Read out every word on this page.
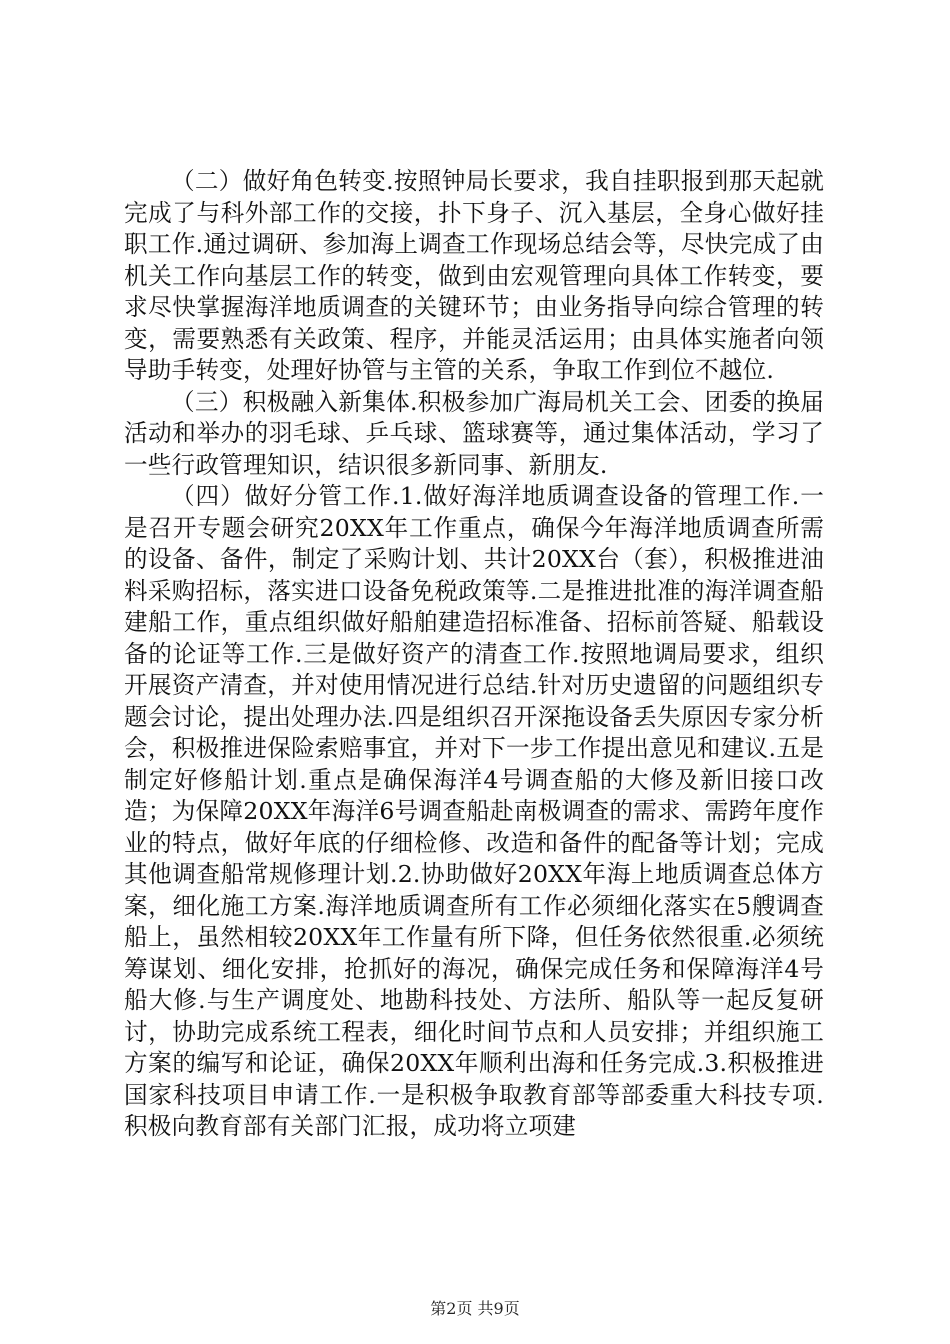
（二）做好角色转变.按照钟局长要求，我自挂职报到那天起就完成了与科外部工作的交接，扑下身子、沉入基层，全身心做好挂职工作.通过调研、参加海上调查工作现场总结会等，尽快完成了由机关工作向基层工作的转变，做到由宏观管理向具体工作转变，要求尽快掌握海洋地质调查的关键环节；由业务指导向综合管理的转变，需要熟悉有关政策、程序，并能灵活运用；由具体实施者向领导助手转变，处理好协管与主管的关系，争取工作到位不越位.

（三）积极融入新集体.积极参加广海局机关工会、团委的换届活动和举办的羽毛球、乒乓球、篮球赛等，通过集体活动，学习了一些行政管理知识，结识很多新同事、新朋友.

（四）做好分管工作.1.做好海洋地质调查设备的管理工作.一是召开专题会研究20XX年工作重点，确保今年海洋地质调查所需的设备、备件，制定了采购计划、共计20XX台（套），积极推进油料采购招标，落实进口设备免税政策等.二是推进批准的海洋调查船建船工作，重点组织做好船舶建造招标准备、招标前答疑、船载设备的论证等工作.三是做好资产的清查工作.按照地调局要求，组织开展资产清查，并对使用情况进行总结.针对历史遗留的问题组织专题会讨论，提出处理办法.四是组织召开深拖设备丢失原因专家分析会，积极推进保险索赔事宜，并对下一步工作提出意见和建议.五是制定好修船计划.重点是确保海洋4号调查船的大修及新旧接口改造；为保障20XX年海洋6号调查船赴南极调查的需求、需跨年度作业的特点，做好年底的仔细检修、改造和备件的配备等计划；完成其他调查船常规修理计划.2.协助做好20XX年海上地质调查总体方案，细化施工方案.海洋地质调查所有工作必须细化落实在5艘调查船上，虽然相较20XX年工作量有所下降，但任务依然很重.必须统筹谋划、细化安排，抢抓好的海况，确保完成任务和保障海洋4号船大修.与生产调度处、地勘科技处、方法所、船队等一起反复研讨，协助完成系统工程表，细化时间节点和人员安排；并组织施工方案的编写和论证，确保20XX年顺利出海和任务完成.3.积极推进国家科技项目申请工作.一是积极争取教育部等部委重大科技专项.积极向教育部有关部门汇报，成功将立项建

第2页 共9页
